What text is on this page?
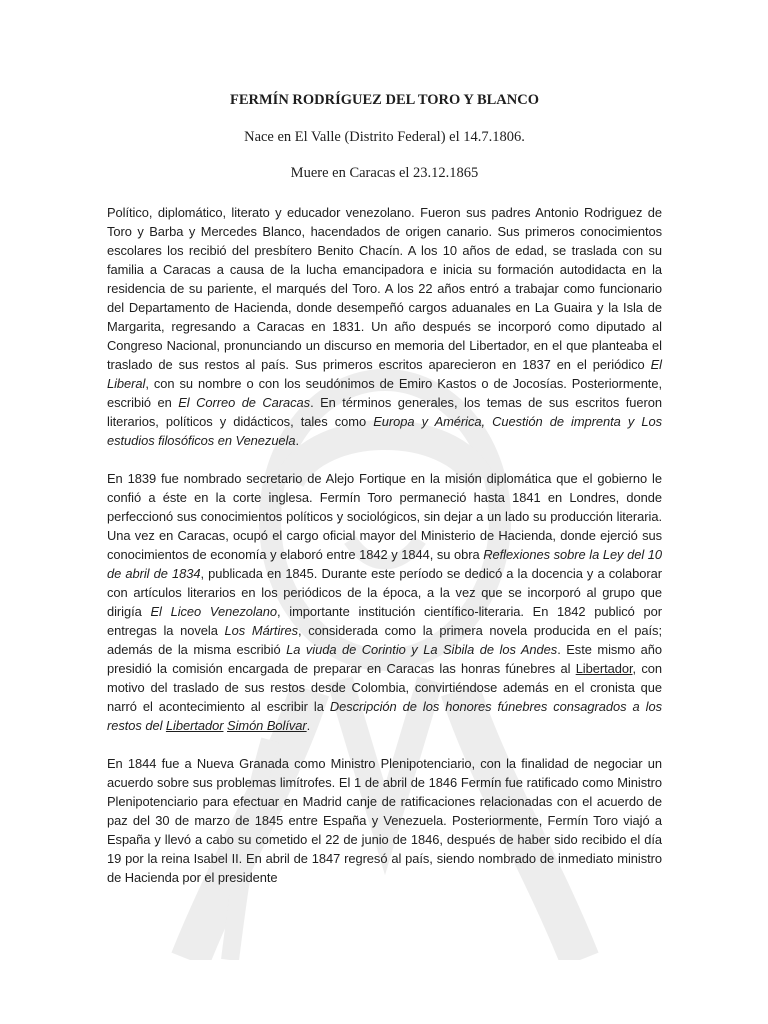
FERMÍN RODRÍGUEZ DEL TORO Y BLANCO

Nace en El Valle (Distrito Federal) el 14.7.1806.

Muere en Caracas el 23.12.1865

Político, diplomático, literato y educador venezolano. Fueron sus padres Antonio Rodriguez de Toro y Barba y Mercedes Blanco, hacendados de origen canario. Sus primeros conocimientos escolares los recibió del presbítero Benito Chacín. A los 10 años de edad, se traslada con su familia a Caracas a causa de la lucha emancipadora e inicia su formación autodidacta en la residencia de su pariente, el marqués del Toro. A los 22 años entró a trabajar como funcionario del Departamento de Hacienda, donde desempeñó cargos aduanales en La Guaira y la Isla de Margarita, regresando a Caracas en 1831. Un año después se incorporó como diputado al Congreso Nacional, pronunciando un discurso en memoria del Libertador, en el que planteaba el traslado de sus restos al país. Sus primeros escritos aparecieron en 1837 en el periódico El Liberal, con su nombre o con los seudónimos de Emiro Kastos o de Jocosías. Posteriormente, escribió en El Correo de Caracas. En términos generales, los temas de sus escritos fueron literarios, políticos y didácticos, tales como Europa y América, Cuestión de imprenta y Los estudios filosóficos en Venezuela.

En 1839 fue nombrado secretario de Alejo Fortique en la misión diplomática que el gobierno le confió a éste en la corte inglesa. Fermín Toro permaneció hasta 1841 en Londres, donde perfeccionó sus conocimientos políticos y sociológicos, sin dejar a un lado su producción literaria. Una vez en Caracas, ocupó el cargo oficial mayor del Ministerio de Hacienda, donde ejerció sus conocimientos de economía y elaboró entre 1842 y 1844, su obra Reflexiones sobre la Ley del 10 de abril de 1834, publicada en 1845. Durante este período se dedicó a la docencia y a colaborar con artículos literarios en los periódicos de la época, a la vez que se incorporó al grupo que dirigía El Liceo Venezolano, importante institución científico-literaria. En 1842 publicó por entregas la novela Los Mártires, considerada como la primera novela producida en el país; además de la misma escribió La viuda de Corintio y La Sibila de los Andes. Este mismo año presidió la comisión encargada de preparar en Caracas las honras fúnebres al Libertador, con motivo del traslado de sus restos desde Colombia, convirtiéndose además en el cronista que narró el acontecimiento al escribir la Descripción de los honores fúnebres consagrados a los restos del Libertador Simón Bolívar.

En 1844 fue a Nueva Granada como Ministro Plenipotenciario, con la finalidad de negociar un acuerdo sobre sus problemas limítrofes. El 1 de abril de 1846 Fermín fue ratificado como Ministro Plenipotenciario para efectuar en Madrid canje de ratificaciones relacionadas con el acuerdo de paz del 30 de marzo de 1845 entre España y Venezuela. Posteriormente, Fermín Toro viajó a España y llevó a cabo su cometido el 22 de junio de 1846, después de haber sido recibido el día 19 por la reina Isabel II. En abril de 1847 regresó al país, siendo nombrado de inmediato ministro de Hacienda por el presidente
